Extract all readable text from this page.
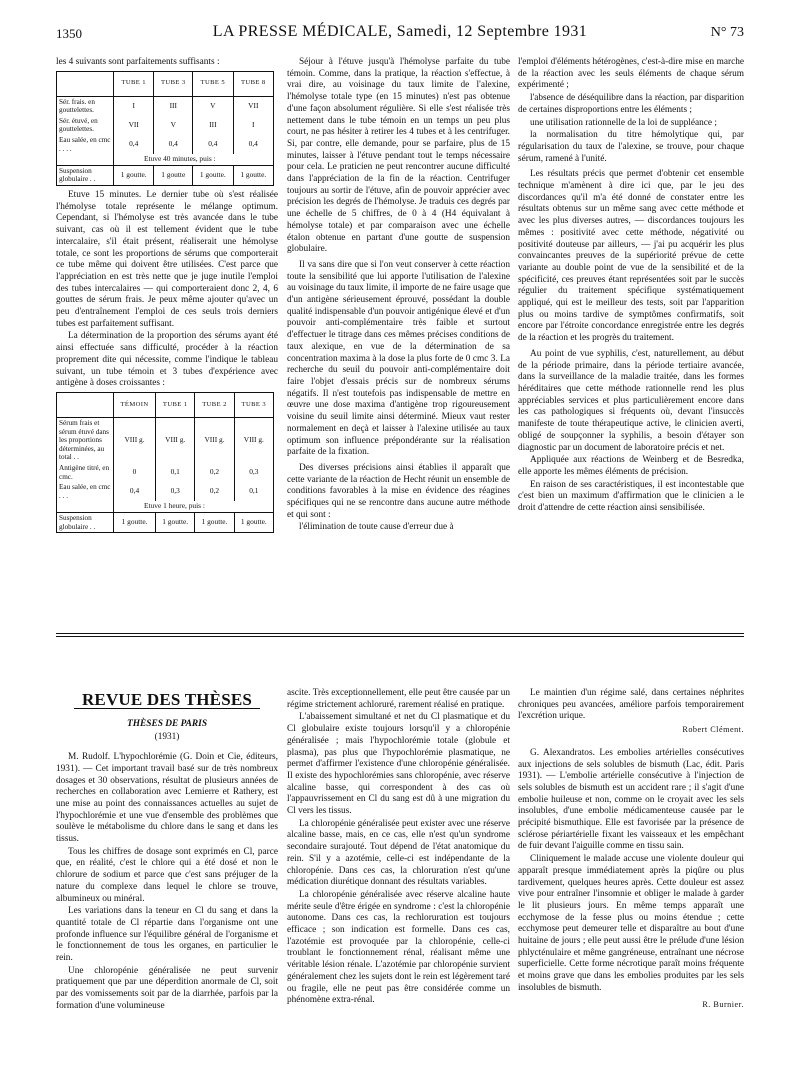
1350	LA PRESSE MÉDICALE, Samedi, 12 Septembre 1931	N° 73

les 4 suivants sont parfaitements suffisants :

	TUBE 1	TUBE 3	TUBE 5	TUBE 8
Sér. frais. en gouttelettes.	I	III	V	VII
Sér. étuvé, en gouttelettes.	VII	V	III	I
Eau salée, en cmc . . . .	0,4	0,4	0,4	0,4
	Etuve 40 minutes, puis :			
Suspension globulaire . .	1 goutte.	1 goutte	1 goutte.	1 goutte.

Etuve 15 minutes. Le dernier tube où s'est réalisée l'hémolyse totale représente le mélange optimum. Cependant, si l'hémolyse est très avancée dans le tube suivant, cas où il est tellement évident que le tube intercalaire, s'il était présent, réaliserait une hémolyse totale, ce sont les proportions de sérums que comporterait ce tube même qui doivent être utilisées. C'est parce que l'appréciation en est très nette que je juge inutile l'emploi des tubes intercalaires — qui comporteraient donc 2, 4, 6 gouttes de sérum frais. Je peux même ajouter qu'avec un peu d'entraînement l'emploi de ces seuls trois derniers tubes est parfaitement suffisant.

La détermination de la proportion des sérums ayant été ainsi effectuée sans difficulté, procéder à la réaction proprement dite qui nécessite, comme l'indique le tableau suivant, un tube témoin et 3 tubes d'expérience avec antigène à doses croissantes :

	TÉMOIN	TUBE 1	TUBE 2	TUBE 3
Sérum frais et sérum étuvé dans les proportions déterminées, au total . .	VIII g.	VIII g.	VIII g.	VIII g.
Antigène titré, en cmc.	0	0,1	0,2	0,3
Eau salée, en cmc . . .	0,4	0,3	0,2	0,1
	Etuve 1 heure, puis :			
Suspension globulaire . .	1 goutte.	1 goutte.	1 goutte.	1 goutte.

Séjour à l'étuve jusqu'à l'hémolyse parfaite du tube témoin. Comme, dans la pratique, la réaction s'effectue, à vrai dire, au voisinage du taux limite de l'alexine, l'hémolyse totale type (en 15 minutes) n'est pas obtenue d'une façon absolument régulière. Si elle s'est réalisée très nettement dans le tube témoin en un temps un peu plus court, ne pas hésiter à retirer les 4 tubes et à les centrifuger. Si, par contre, elle demande, pour se parfaire, plus de 15 minutes, laisser à l'étuve pendant tout le temps nécessaire pour cela. Le praticien ne peut rencontrer aucune difficulté dans l'appréciation de la fin de la réaction. Centrifuger toujours au sortir de l'étuve, afin de pouvoir apprécier avec précision les degrés de l'hémolyse. Je traduis ces degrés par une échelle de 5 chiffres, de 0 à 4 (H4 équivalant à hémolyse totale) et par comparaison avec une échelle étalon obtenue en partant d'une goutte de suspension globulaire.

Il va sans dire que si l'on veut conserver à cette réaction toute la sensibilité que lui apporte l'utilisation de l'alexine au voisinage du taux limite, il importe de ne faire usage que d'un antigène sérieusement éprouvé, possédant la double qualité indispensable d'un pouvoir antigénique élevé et d'un pouvoir anti-complémentaire très faible et surtout d'effectuer le titrage dans ces mêmes précises conditions de taux alexique, en vue de la détermination de sa concentration maxima à la dose la plus forte de 0 cmc 3. La recherche du seuil du pouvoir anti-complémentaire doit faire l'objet d'essais précis sur de nombreux sérums négatifs. Il n'est toutefois pas indispensable de mettre en œuvre une dose maxima d'antigène trop rigoureusement voisine du seuil limite ainsi déterminé. Mieux vaut rester normalement en deçà et laisser à l'alexine utilisée au taux optimum son influence prépondérante sur la réalisation parfaite de la fixation.

Des diverses précisions ainsi établies il apparaît que cette variante de la réaction de Hecht réunit un ensemble de conditions favorables à la mise en évidence des réagines spécifiques qui ne se rencontre dans aucune autre méthode et qui sont :

l'élimination de toute cause d'erreur due à

l'emploi d'éléments hétérogènes, c'est-à-dire mise en marche de la réaction avec les seuls éléments de chaque sérum expérimenté ;

l'absence de déséquilibre dans la réaction, par disparition de certaines disproportions entre les éléments ;

une utilisation rationnelle de la loi de suppléance ;

la normalisation du titre hémolytique qui, par régularisation du taux de l'alexine, se trouve, pour chaque sérum, ramené à l'unité.

Les résultats précis que permet d'obtenir cet ensemble technique m'amènent à dire ici que, par le jeu des discordances qu'il m'a été donné de constater entre les résultats obtenus sur un même sang avec cette méthode et avec les plus diverses autres, — discordances toujours les mêmes : positivité avec cette méthode, négativité ou positivité douteuse par ailleurs, — j'ai pu acquérir les plus convaincantes preuves de la supériorité prévue de cette variante au double point de vue de la sensibilité et de la spécificité, ces preuves étant représentées soit par le succès régulier du traitement spécifique systématiquement appliqué, qui est le meilleur des tests, soit par l'apparition plus ou moins tardive de symptômes confirmatifs, soit encore par l'étroite concordance enregistrée entre les degrés de la réaction et les progrès du traitement.

Au point de vue syphilis, c'est, naturellement, au début de la période primaire, dans la période tertiaire avancée, dans la surveillance de la maladie traitée, dans les formes héréditaires que cette méthode rationnelle rend les plus appréciables services et plus particulièrement encore dans les cas pathologiques si fréquents où, devant l'insuccès manifeste de toute thérapeutique active, le clinicien averti, obligé de soupçonner la syphilis, a besoin d'étayer son diagnostic par un document de laboratoire précis et net.

Appliquée aux réactions de Weinberg et de Besredka, elle apporte les mêmes éléments de précision.

En raison de ses caractéristiques, il est incontestable que c'est bien un maximum d'affirmation que le clinicien a le droit d'attendre de cette réaction ainsi sensibilisée.

REVUE DES THÈSES
THÈSES DE PARIS
(1931)

M. Rudolf. L'hypochlorémie (G. Doin et Cie, éditeurs, 1931). — Cet important travail basé sur de très nombreux dosages et 30 observations, résultat de plusieurs années de recherches en collaboration avec Lemierre et Rathery, est une mise au point des connaissances actuelles au sujet de l'hypochlorémie et une vue d'ensemble des problèmes que soulève le métabolisme du chlore dans le sang et dans les tissus.

Tous les chiffres de dosage sont exprimés en Cl, parce que, en réalité, c'est le chlore qui a été dosé et non le chlorure de sodium et parce que c'est sans préjuger de la nature du complexe dans lequel le chlore se trouve, albumineux ou minéral.

Les variations dans la teneur en Cl du sang et dans la quantité totale de Cl répartie dans l'organisme ont une profonde influence sur l'équilibre général de l'organisme et le fonctionnement de tous les organes, en particulier le rein.

Une chloropénie généralisée ne peut survenir pratiquement que par une déperdition anormale de Cl, soit par des vomissements soit par de la diarrhée, parfois par la formation d'une volumineuse

ascite. Très exceptionnellement, elle peut être causée par un régime strictement achloruré, rarement réalisé en pratique.

L'abaissement simultané et net du Cl plasmatique et du Cl globulaire existe toujours lorsqu'il y a chloropénie généralisée ; mais l'hypochlorémie totale (globule et plasma), pas plus que l'hypochlorémie plasmatique, ne permet d'affirmer l'existence d'une chloropénie généralisée. Il existe des hypochlorémies sans chloropénie, avec réserve alcaline basse, qui correspondent à des cas où l'appauvrissement en Cl du sang est dû à une migration du Cl vers les tissus.

La chloropénie généralisée peut exister avec une réserve alcaline basse, mais, en ce cas, elle n'est qu'un syndrome secondaire surajouté. Tout dépend de l'état anatomique du rein. S'il y a azotémie, celle-ci est indépendante de la chloropénie. Dans ces cas, la chloruration n'est qu'une médication diurétique donnant des résultats variables.

La chloropénie généralisée avec réserve alcaline haute mérite seule d'être érigée en syndrome : c'est la chloropénie autonome. Dans ces cas, la rechloruration est toujours efficace ; son indication est formelle. Dans ces cas, l'azotémie est provoquée par la chloropénie, celle-ci troublant le fonctionnement rénal, réalisant même une véritable lésion rénale. L'azotémie par chloropénie survient généralement chez les sujets dont le rein est légèrement taré ou fragile, elle ne peut pas être considérée comme un phénomène extra-rénal.

Le maintien d'un régime salé, dans certaines néphrites chroniques peu avancées, améliore parfois temporairement l'excrétion urique.

Robert Clément.

G. Alexandratos. Les embolies artérielles consécutives aux injections de sels solubles de bismuth (Lac, édit. Paris 1931). — L'embolie artérielle consécutive à l'injection de sels solubles de bismuth est un accident rare ; il s'agit d'une embolie huileuse et non, comme on le croyait avec les sels insolubles, d'une embolie médicamenteuse causée par le précipité bismuthique. Elle est favorisée par la présence de sclérose périartérielle fixant les vaisseaux et les empêchant de fuir devant l'aiguille comme en tissu sain.

Cliniquement le malade accuse une violente douleur qui apparaît presque immédiatement après la piqûre ou plus tardivement, quelques heures après. Cette douleur est assez vive pour entraîner l'insomnie et obliger le malade à garder le lit plusieurs jours. En même temps apparaît une ecchymose de la fesse plus ou moins étendue ; cette ecchymose peut demeurer telle et disparaître au bout d'une huitaine de jours ; elle peut aussi être le prélude d'une lésion phlycténulaire et même gangréneuse, entraînant une nécrose superficielle. Cette forme nécrotique paraît moins fréquente et moins grave que dans les embolies produites par les sels insolubles de bismuth.

R. Burnier.
